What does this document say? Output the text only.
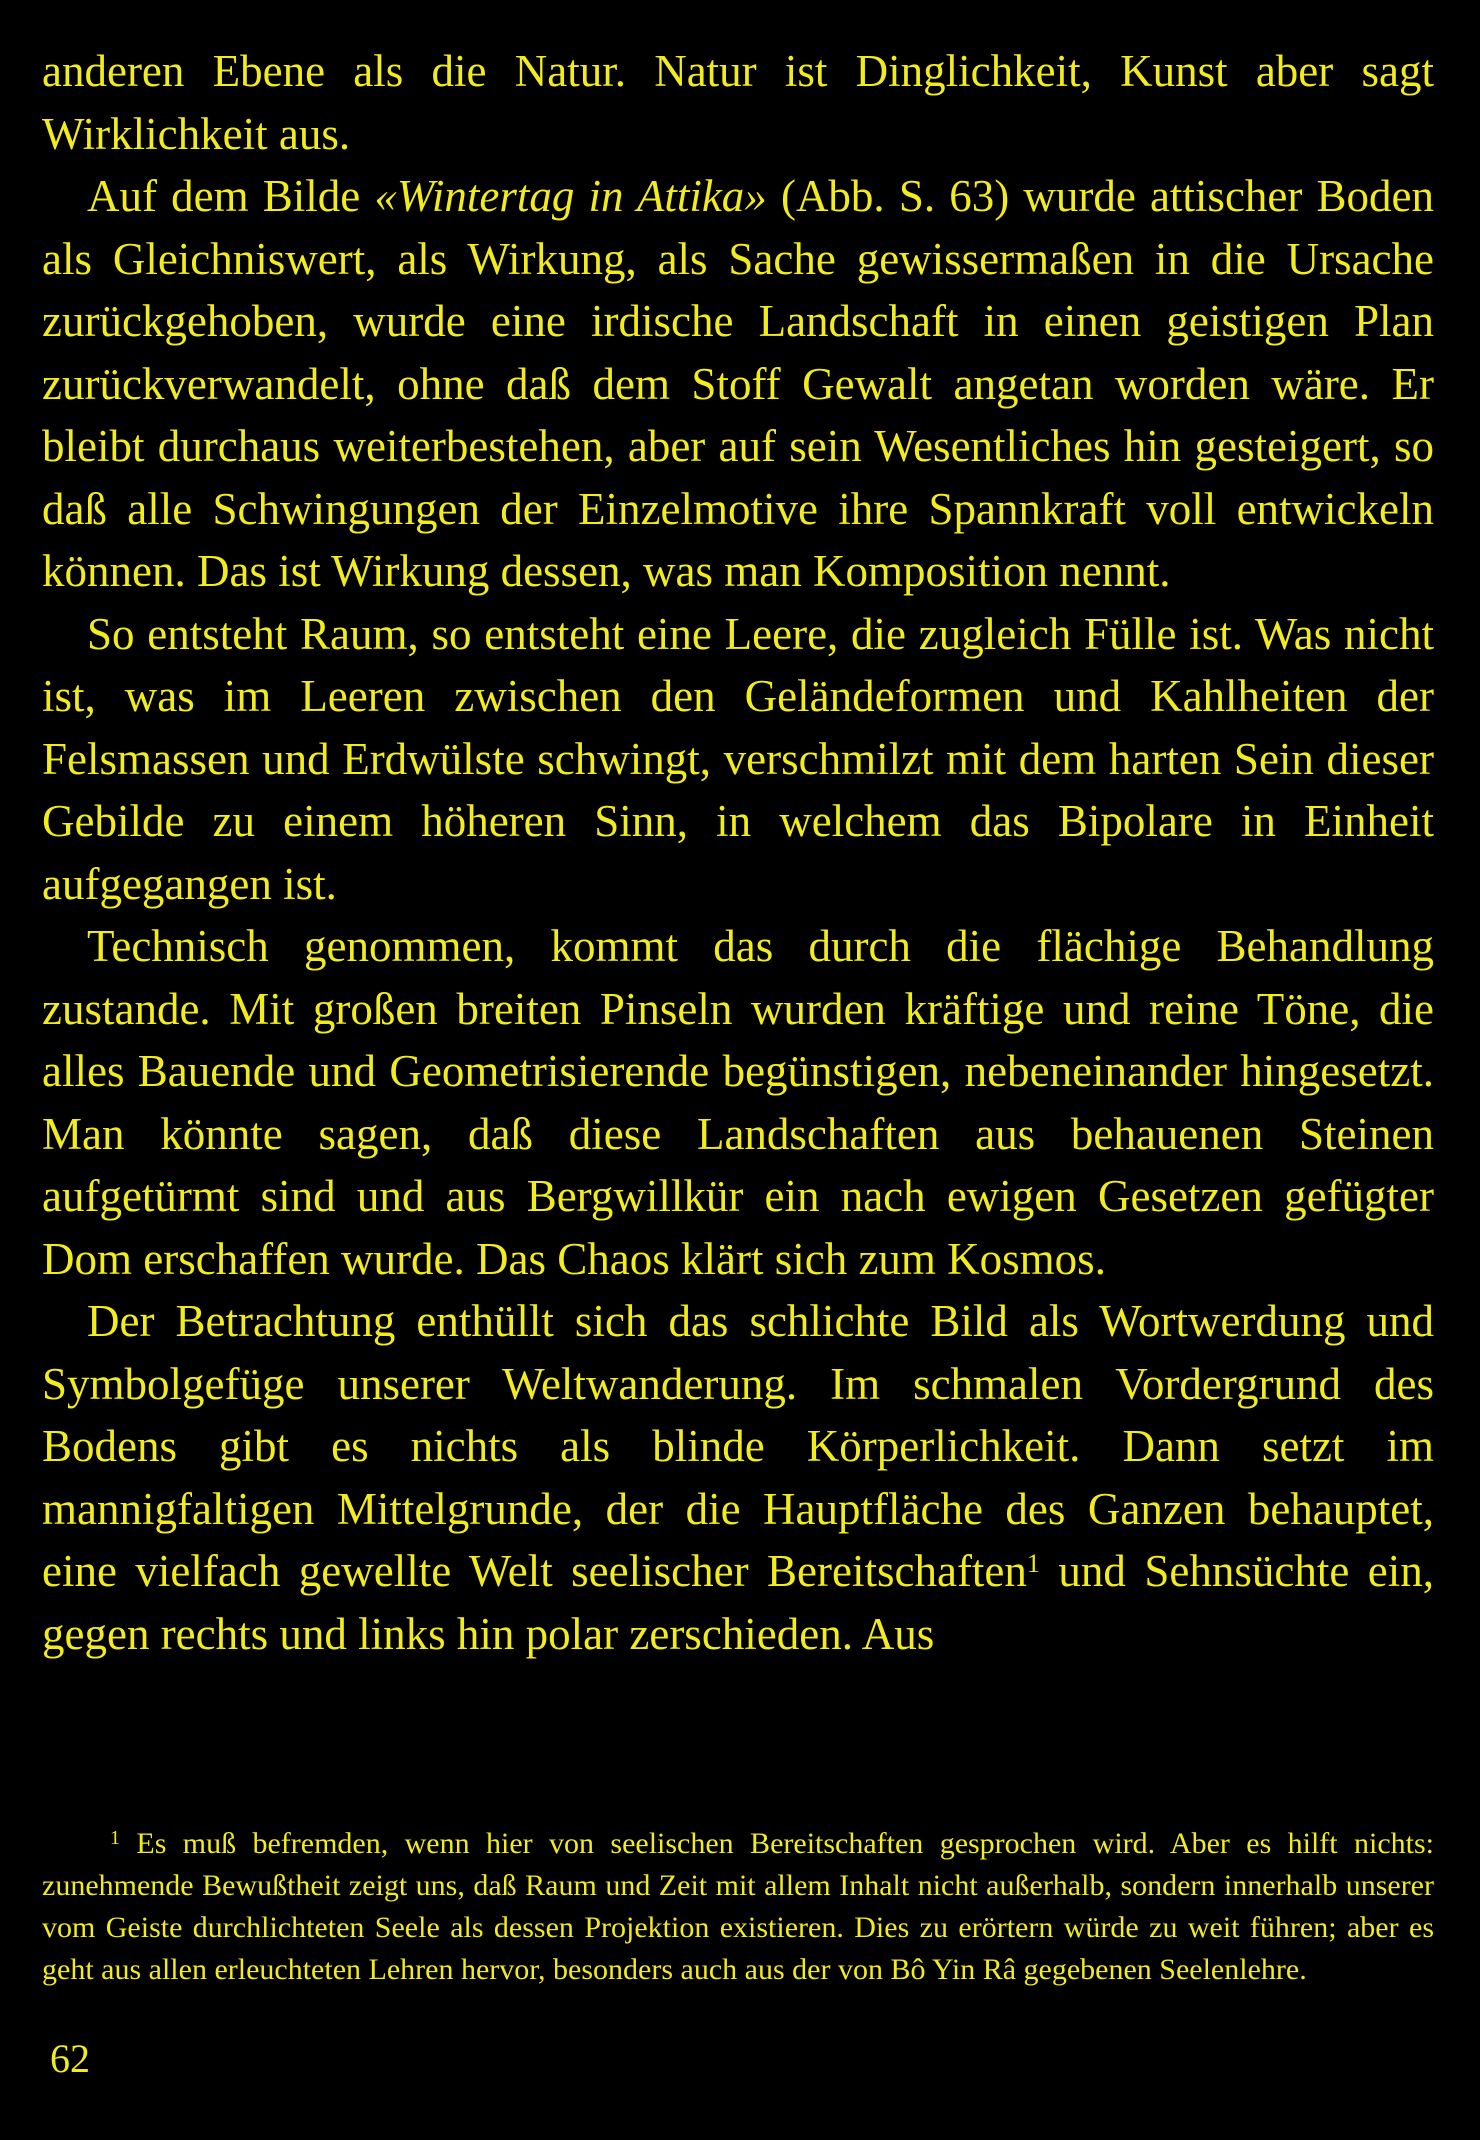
anderen Ebene als die Natur. Natur ist Dinglichkeit, Kunst aber sagt Wirklichkeit aus.

Auf dem Bilde «Wintertag in Attika» (Abb. S. 63) wurde attischer Boden als Gleichniswert, als Wirkung, als Sache gewissermaßen in die Ursache zurückgehoben, wurde eine irdische Landschaft in einen geistigen Plan zurückverwandelt, ohne daß dem Stoff Gewalt angetan worden wäre. Er bleibt durchaus weiterbestehen, aber auf sein Wesentliches hin gesteigert, so daß alle Schwingungen der Einzelmotive ihre Spannkraft voll entwickeln können. Das ist Wirkung dessen, was man Komposition nennt.

So entsteht Raum, so entsteht eine Leere, die zugleich Fülle ist. Was nicht ist, was im Leeren zwischen den Geländeformen und Kahlheiten der Felsmassen und Erdwülste schwingt, verschmilzt mit dem harten Sein dieser Gebilde zu einem höheren Sinn, in welchem das Bipolare in Einheit aufgegangen ist.

Technisch genommen, kommt das durch die flächige Behandlung zustande. Mit großen breiten Pinseln wurden kräftige und reine Töne, die alles Bauende und Geometrisierende begünstigen, nebeneinander hingesetzt. Man könnte sagen, daß diese Landschaften aus behauenen Steinen aufgetürmt sind und aus Bergwillkür ein nach ewigen Gesetzen gefügter Dom erschaffen wurde. Das Chaos klärt sich zum Kosmos.

Der Betrachtung enthüllt sich das schlichte Bild als Wortwerdung und Symbolgefüge unserer Weltwanderung. Im schmalen Vordergrund des Bodens gibt es nichts als blinde Körperlichkeit. Dann setzt im mannigfaltigen Mittelgrunde, der die Hauptfläche des Ganzen behauptet, eine vielfach gewellte Welt seelischer Bereitschaften$^1$ und Sehnsüchte ein, gegen rechts und links hin polar zerschieden. Aus

$^1$ Es muß befremden, wenn hier von seelischen Bereitschaften gesprochen wird. Aber es hilft nichts: zunehmende Bewußtheit zeigt uns, daß Raum und Zeit mit allem Inhalt nicht außerhalb, sondern innerhalb unserer vom Geiste durchlichteten Seele als dessen Projektion existieren. Dies zu erörtern würde zu weit führen; aber es geht aus allen erleuchteten Lehren hervor, besonders auch aus der von Bô Yin Râ gegebenen Seelenlehre.

62
